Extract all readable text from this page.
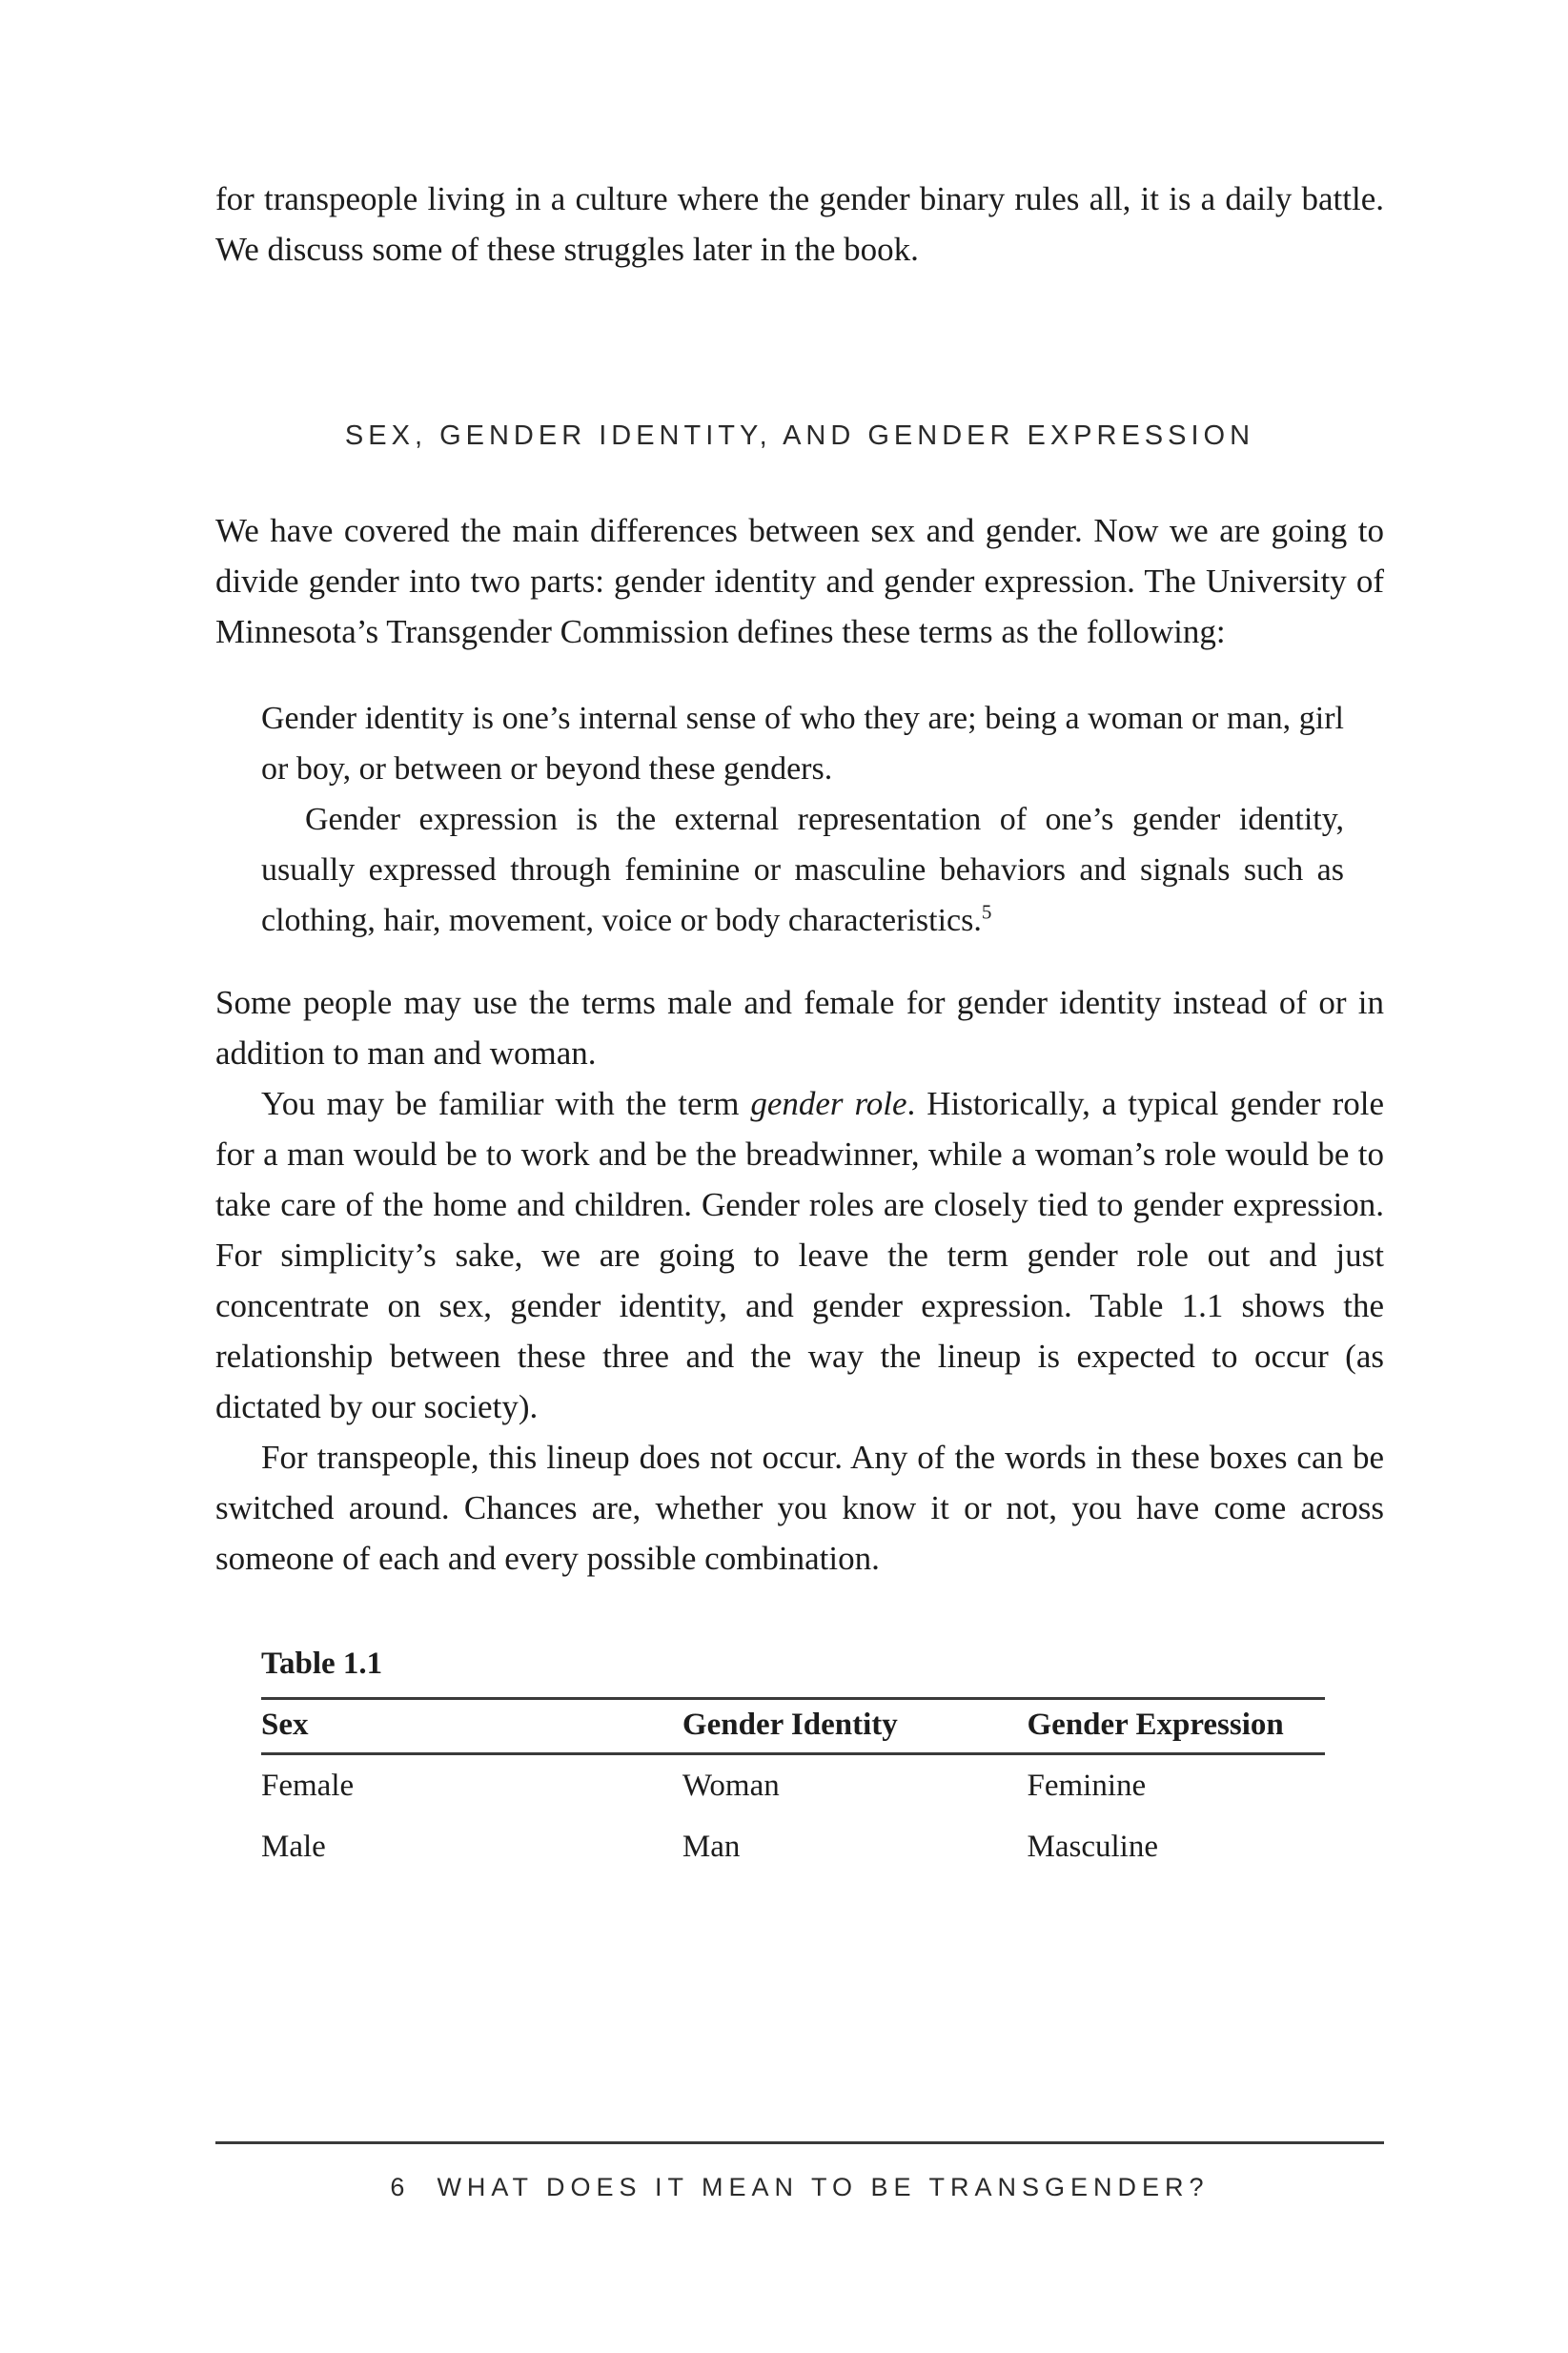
for transpeople living in a culture where the gender binary rules all, it is a daily battle. We discuss some of these struggles later in the book.

SEX, GENDER IDENTITY, AND GENDER EXPRESSION

We have covered the main differences between sex and gender. Now we are going to divide gender into two parts: gender identity and gender expression. The University of Minnesota’s Transgender Commission defines these terms as the following:

Gender identity is one’s internal sense of who they are; being a woman or man, girl or boy, or between or beyond these genders.

Gender expression is the external representation of one’s gender identity, usually expressed through feminine or masculine behaviors and signals such as clothing, hair, movement, voice or body characteristics.$^5$

Some people may use the terms male and female for gender identity instead of or in addition to man and woman.

You may be familiar with the term gender role. Historically, a typical gender role for a man would be to work and be the breadwinner, while a woman’s role would be to take care of the home and children. Gender roles are closely tied to gender expression. For simplicity’s sake, we are going to leave the term gender role out and just concentrate on sex, gender identity, and gender expression. Table 1.1 shows the relationship between these three and the way the lineup is expected to occur (as dictated by our society).

For transpeople, this lineup does not occur. Any of the words in these boxes can be switched around. Chances are, whether you know it or not, you have come across someone of each and every possible combination.

Table 1.1
Sex	Gender Identity	Gender Expression
Female	Woman	Feminine
Male	Man	Masculine
6 WHAT DOES IT MEAN TO BE TRANSGENDER?
